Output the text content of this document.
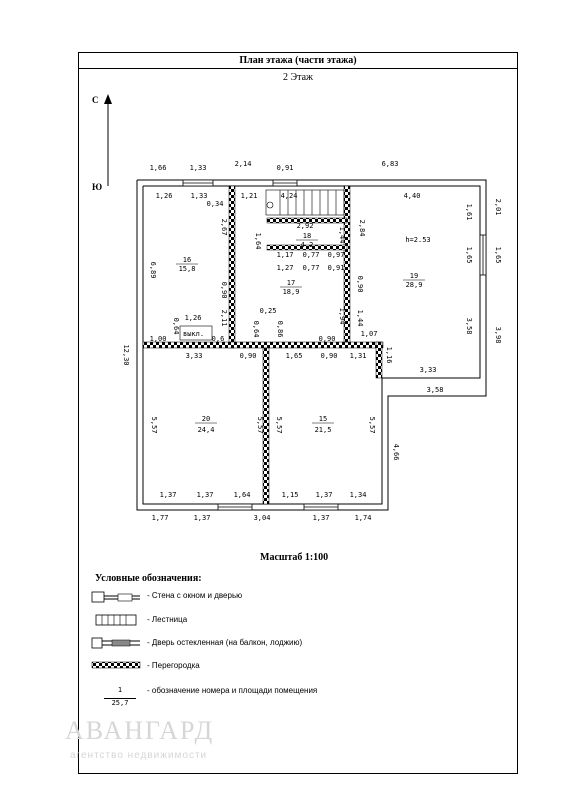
План этажа (части этажа)
2 Этаж
С
Ю
выкл.
16
15,8
17
18,9
18
4,2
19
28,9
h=2.53
20
24,4
15
21,5
1,66	1,33	2,14	0,91	6,83
1,26	1,33	1,21	4,24	4,40
12,30
2,01
1,65
3,98
4,66
1,37	1,37	1,64	1,15 1,37 1,34
1,77	1,37	3,04	1,37	1,74
3,33	0,90	1,65	0,90 1,31
0,34
2,67
6,89
0,90
2,11
1,26
1,00
0,64
0,6
0,25
0,64 0,86
0,90
1,64
2,92
1,44
1,17 0,77 0,97
1,27 0,77 0,91
2,84
1,61
1,65
3,58
1,07
1,94
3,33
3,58
5,57	5,57 5,57	5,57
1,16
0,90
1,44
Масштаб 1:100
Условные обозначения:
- Стена с окном и дверью
- Лестница
- Дверь остекленная (на балкон, лоджию)
- Перегородка
1
25,7
- обозначение номера и площади помещения
АВАНГАРД
агентство недвижимости
